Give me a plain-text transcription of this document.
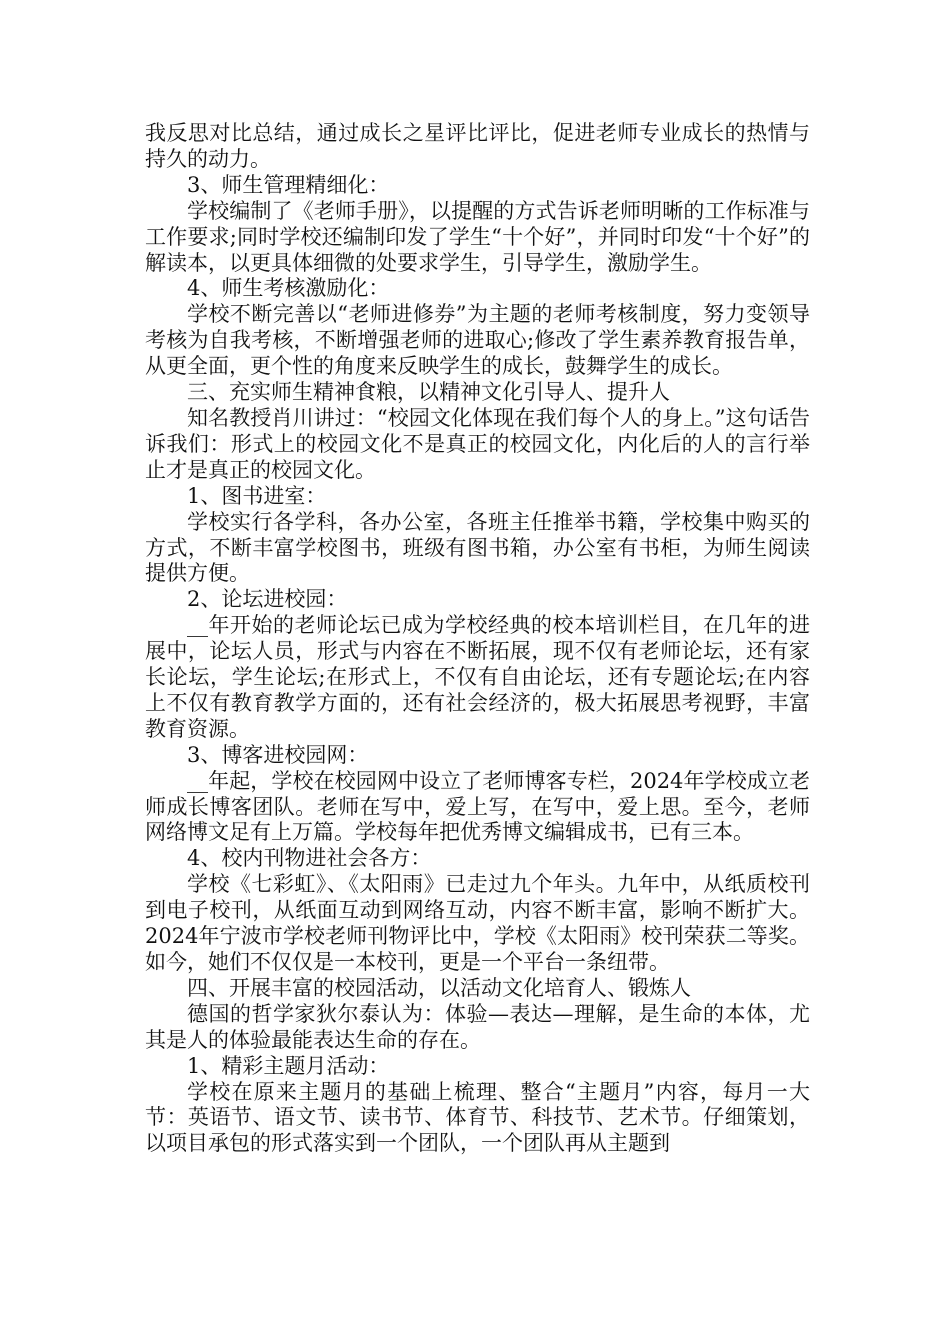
我反思对比总结，通过成长之星评比评比，促进老师专业成长的热情与持久的动力。

3、师生管理精细化：

学校编制了《老师手册》，以提醒的方式告诉老师明晰的工作标准与工作要求;同时学校还编制印发了学生“十个好”，并同时印发“十个好”的解读本，以更具体细微的处要求学生，引导学生，激励学生。

4、师生考核激励化：

学校不断完善以“老师进修券”为主题的老师考核制度，努力变领导考核为自我考核，不断增强老师的进取心;修改了学生素养教育报告单，从更全面，更个性的角度来反映学生的成长，鼓舞学生的成长。

三、充实师生精神食粮，以精神文化引导人、提升人

知名教授肖川讲过：“校园文化体现在我们每个人的身上。”这句话告诉我们：形式上的校园文化不是真正的校园文化，内化后的人的言行举止才是真正的校园文化。

1、图书进室：

学校实行各学科，各办公室，各班主任推举书籍，学校集中购买的方式，不断丰富学校图书，班级有图书箱，办公室有书柜，为师生阅读提供方便。

2、论坛进校园：

__年开始的老师论坛已成为学校经典的校本培训栏目，在几年的进展中，论坛人员，形式与内容在不断拓展，现不仅有老师论坛，还有家长论坛，学生论坛;在形式上，不仅有自由论坛，还有专题论坛;在内容上不仅有教育教学方面的，还有社会经济的，极大拓展思考视野，丰富教育资源。

3、博客进校园网：

__年起，学校在校园网中设立了老师博客专栏，2024年学校成立老师成长博客团队。老师在写中，爱上写，在写中，爱上思。至今，老师网络博文足有上万篇。学校每年把优秀博文编辑成书，已有三本。

4、校内刊物进社会各方：

学校《七彩虹》、《太阳雨》已走过九个年头。九年中，从纸质校刊到电子校刊，从纸面互动到网络互动，内容不断丰富，影响不断扩大。2024年宁波市学校老师刊物评比中，学校《太阳雨》校刊荣获二等奖。如今，她们不仅仅是一本校刊，更是一个平台一条纽带。

四、开展丰富的校园活动，以活动文化培育人、锻炼人

德国的哲学家狄尔泰认为：体验—表达—理解，是生命的本体，尤其是人的体验最能表达生命的存在。

1、精彩主题月活动：

学校在原来主题月的基础上梳理、整合“主题月”内容，每月一大节：英语节、语文节、读书节、体育节、科技节、艺术节。仔细策划，以项目承包的形式落实到一个团队，一个团队再从主题到
